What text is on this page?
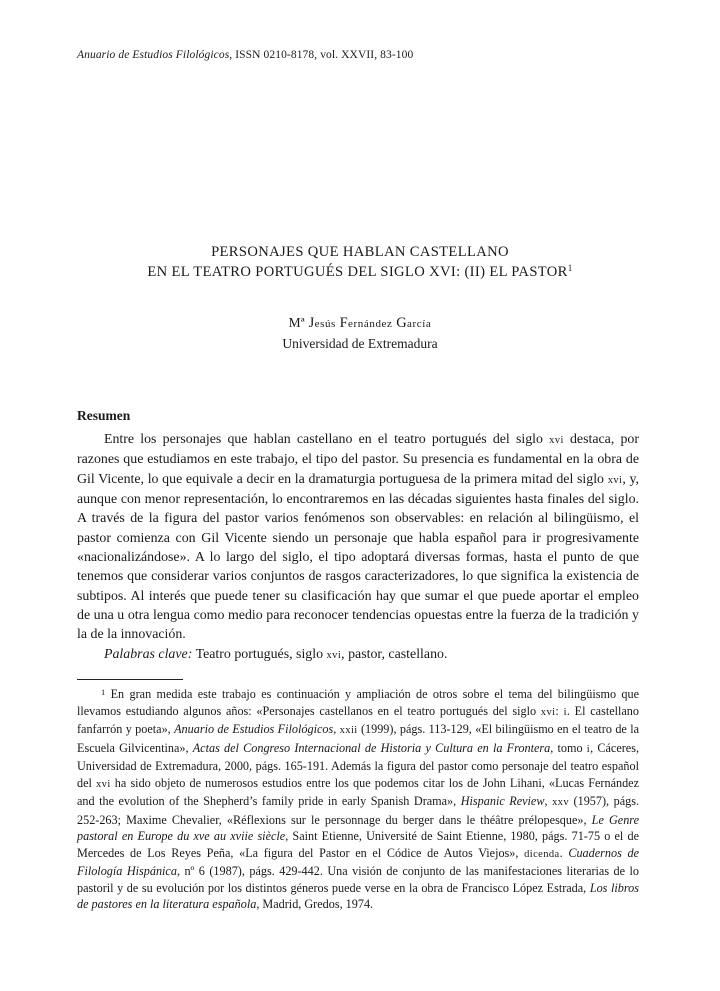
Anuario de Estudios Filológicos, ISSN 0210-8178, vol. XXVII, 83-100
PERSONAJES QUE HABLAN CASTELLANO
EN EL TEATRO PORTUGUÉS DEL SIGLO XVI: (II) EL PASTOR$^1$
Mª Jesús Fernández García
Universidad de Extremadura
Resumen

Entre los personajes que hablan castellano en el teatro portugués del siglo xvi destaca, por razones que estudiamos en este trabajo, el tipo del pastor. Su presencia es fundamental en la obra de Gil Vicente, lo que equivale a decir en la dramaturgia portuguesa de la primera mitad del siglo xvi, y, aunque con menor representación, lo encontraremos en las décadas siguientes hasta finales del siglo. A través de la figura del pastor varios fenómenos son observables: en relación al bilingüismo, el pastor comienza con Gil Vicente siendo un personaje que habla español para ir progresivamente «nacionalizándose». A lo largo del siglo, el tipo adoptará diversas formas, hasta el punto de que tenemos que considerar varios conjuntos de rasgos caracterizadores, lo que significa la existencia de subtipos. Al interés que puede tener su clasificación hay que sumar el que puede aportar el empleo de una u otra lengua como medio para reconocer tendencias opuestas entre la fuerza de la tradición y la de la innovación.

Palabras clave: Teatro portugués, siglo xvi, pastor, castellano.

$^1$ En gran medida este trabajo es continuación y ampliación de otros sobre el tema del bilingüismo que llevamos estudiando algunos años: «Personajes castellanos en el teatro portugués del siglo xvi: i. El castellano fanfarrón y poeta», Anuario de Estudios Filológicos, xxii (1999), págs. 113-129, «El bilingüismo en el teatro de la Escuela Gilvicentina», Actas del Congreso Internacional de Historia y Cultura en la Frontera, tomo i, Cáceres, Universidad de Extremadura, 2000, págs. 165-191. Además la figura del pastor como personaje del teatro español del xvi ha sido objeto de numerosos estudios entre los que podemos citar los de John Lihani, «Lucas Fernández and the evolution of the Shepherd’s family pride in early Spanish Drama», Hispanic Review, xxv (1957), págs. 252-263; Maxime Chevalier, «Réflexions sur le personnage du berger dans le théâtre prélopesque», Le Genre pastoral en Europe du xve au xviie siècle, Saint Etienne, Université de Saint Etienne, 1980, págs. 71-75 o el de Mercedes de Los Reyes Peña, «La figura del Pastor en el Códice de Autos Viejos», dicenda. Cuadernos de Filología Hispánica, nº 6 (1987), págs. 429-442. Una visión de conjunto de las manifestaciones literarias de lo pastoril y de su evolución por los distintos géneros puede verse en la obra de Francisco López Estrada, Los libros de pastores en la literatura española, Madrid, Gredos, 1974.
